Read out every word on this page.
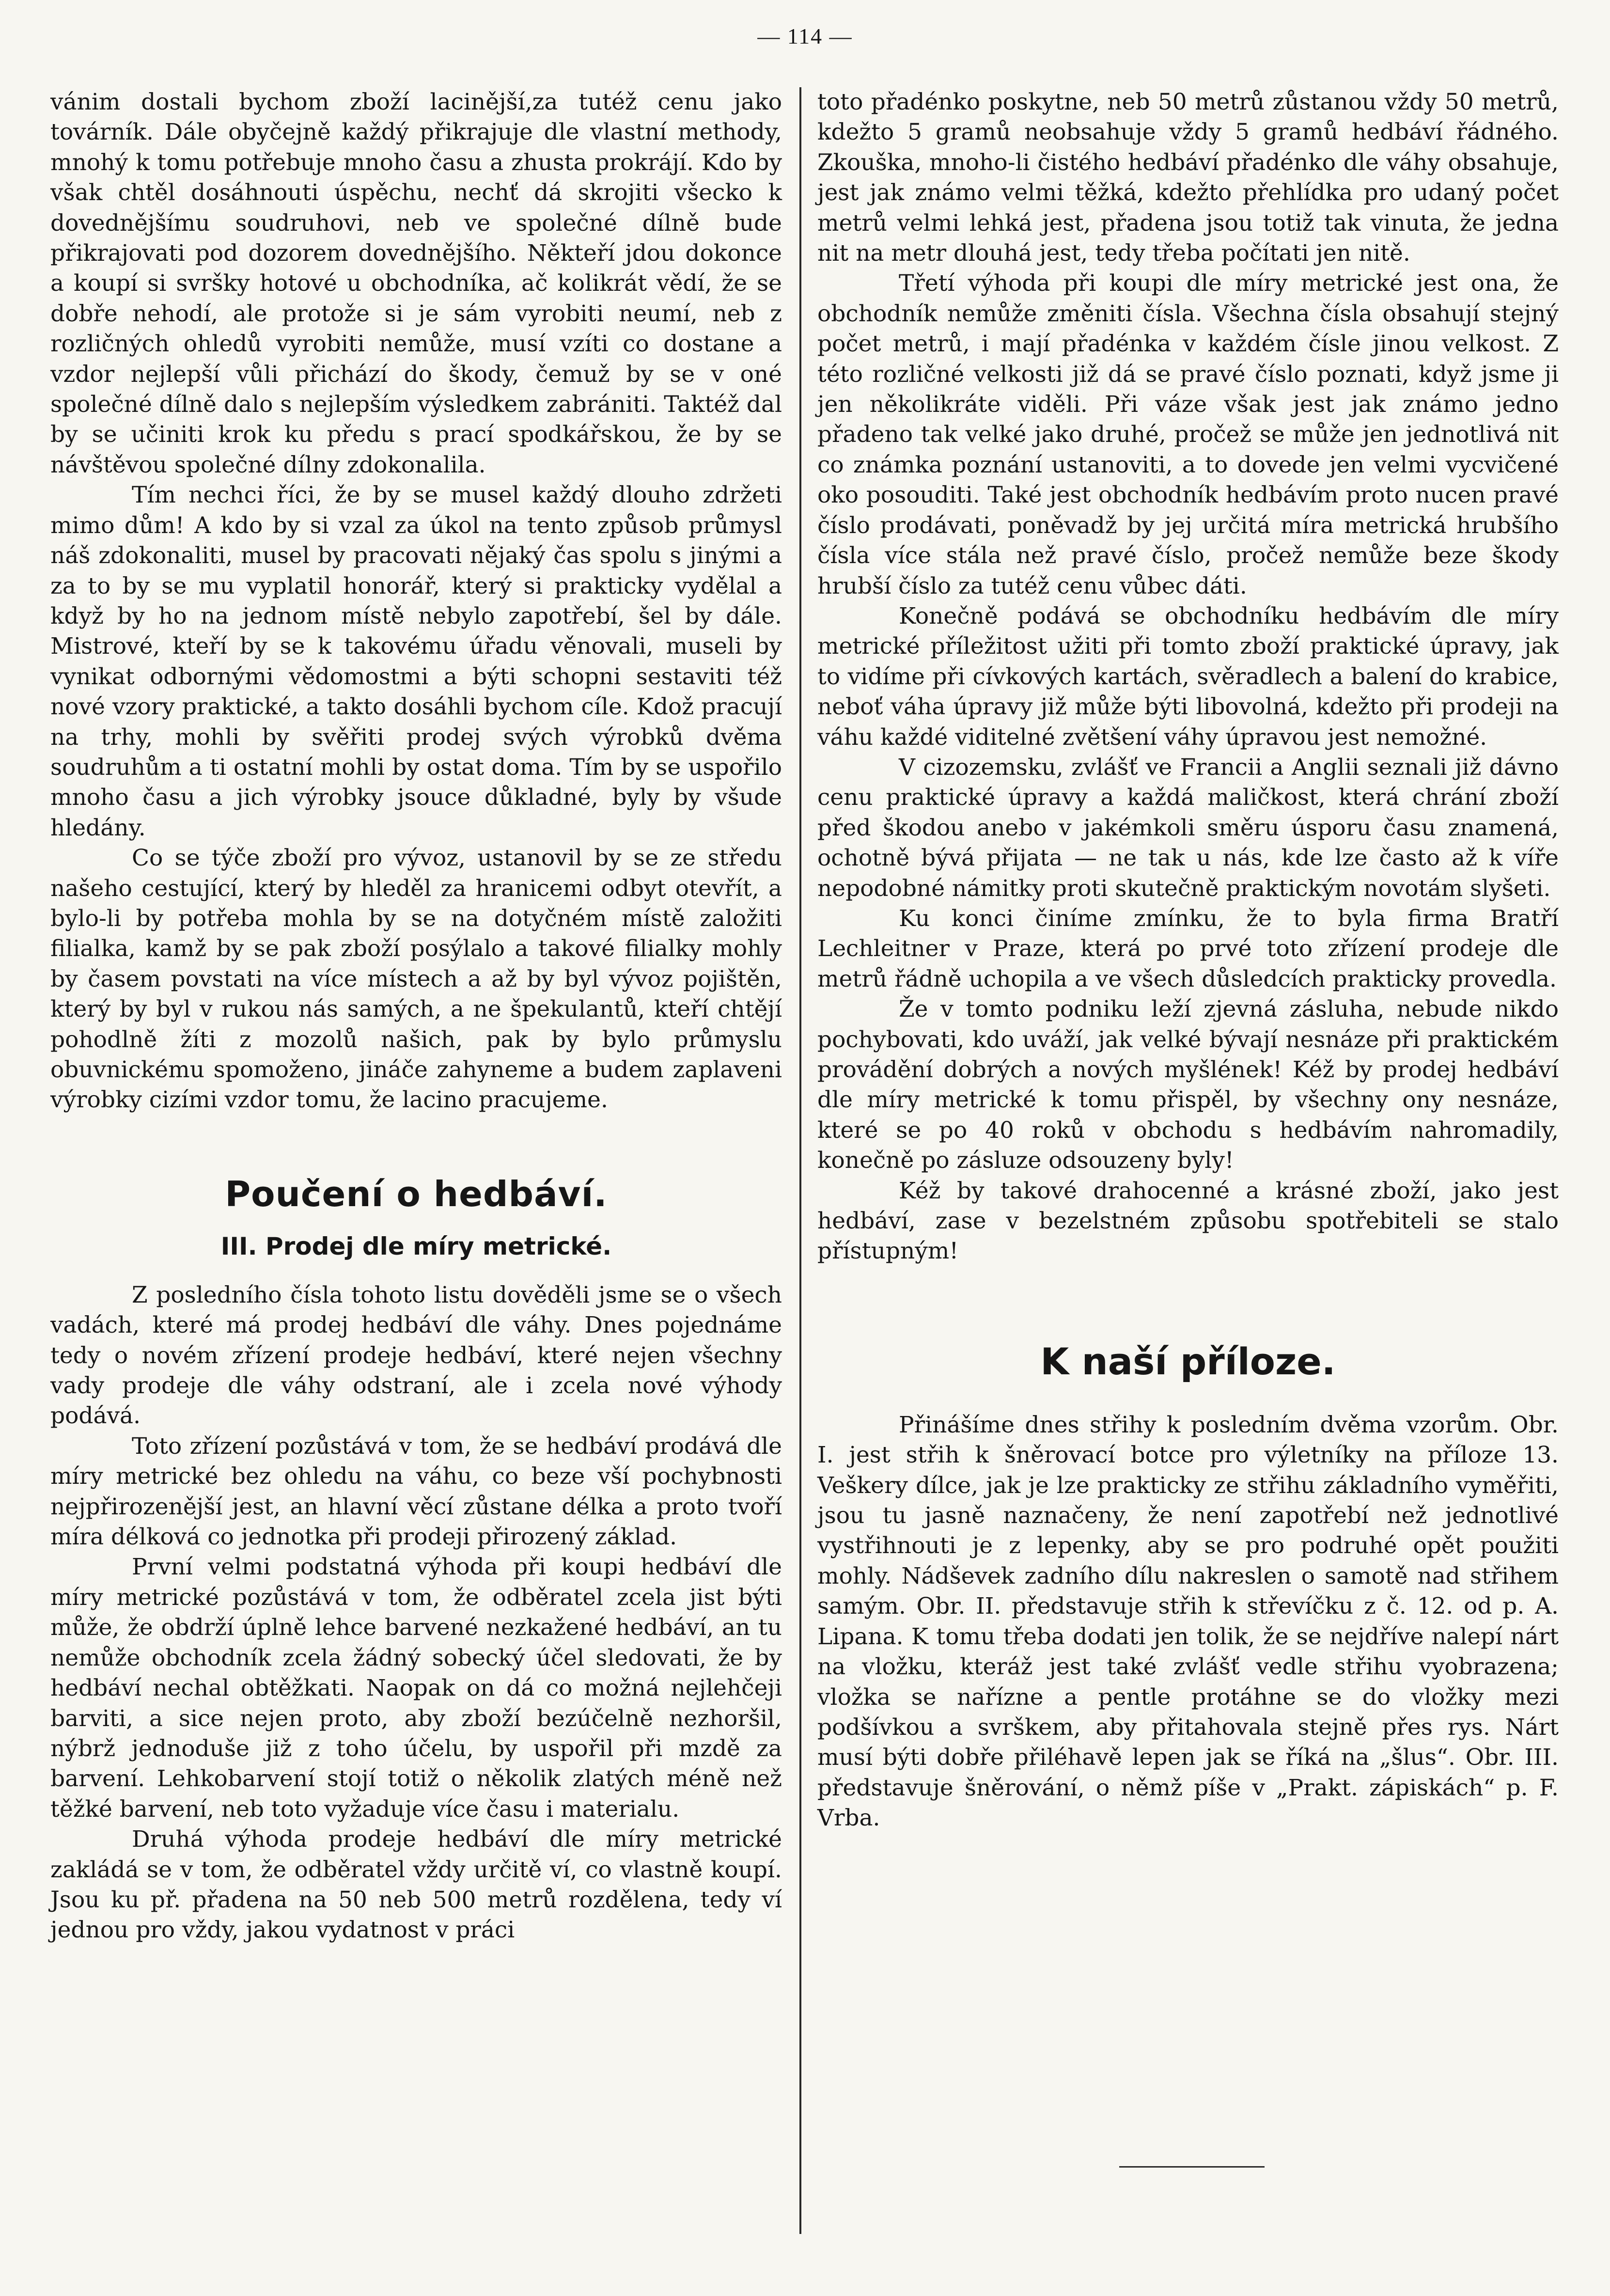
— 114 —

vánim dostali bychom zboží lacinější,za tutéž cenu jako továrník. Dále obyčejně každý přikrajuje dle vlastní methody, mnohý k tomu potřebuje mnoho času a zhusta prokrájí. Kdo by však chtěl dosáhnouti úspěchu, nechť dá skrojiti všecko k dovednějšímu soudruhovi, neb ve společné dílně bude přikrajovati pod dozorem dovednějšího. Někteří jdou dokonce a koupí si svršky hotové u obchodníka, ač kolikrát vědí, že se dobře nehodí, ale protože si je sám vyrobiti neumí, neb z rozličných ohledů vyrobiti nemůže, musí vzíti co dostane a vzdor nejlepší vůli přichází do škody, čemuž by se v oné společné dílně dalo s nejlepším výsledkem zabrániti. Taktéž dal by se učiniti krok ku předu s prací spodkářskou, že by se návštěvou společné dílny zdokonalila.

Tím nechci říci, že by se musel každý dlouho zdržeti mimo dům! A kdo by si vzal za úkol na tento způsob průmysl náš zdokonaliti, musel by pracovati nějaký čas spolu s jinými a za to by se mu vyplatil honorář, který si prakticky vydělal a když by ho na jednom místě nebylo zapotřebí, šel by dále. Mistrové, kteří by se k takovému úřadu věnovali, museli by vynikat odbornými vědomostmi a býti schopni sestaviti též nové vzory praktické, a takto dosáhli bychom cíle. Kdož pracují na trhy, mohli by svěřiti prodej svých výrobků dvěma soudruhům a ti ostatní mohli by ostat doma. Tím by se uspořilo mnoho času a jich výrobky jsouce důkladné, byly by všude hledány.

Co se týče zboží pro vývoz, ustanovil by se ze středu našeho cestující, který by hleděl za hranicemi odbyt otevřít, a bylo-li by potřeba mohla by se na dotyčném místě založiti filialka, kamž by se pak zboží posýlalo a takové filialky mohly by časem povstati na více místech a až by byl vývoz pojištěn, který by byl v rukou nás samých, a ne špekulantů, kteří chtějí pohodlně žíti z mozolů našich, pak by bylo průmyslu obuvnickému spomoženo, jináče zahyneme a budem zaplaveni výrobky cizími vzdor tomu, že lacino pracujeme.

Poučení o hedbáví.
III. Prodej dle míry metrické.

Z posledního čísla tohoto listu dověděli jsme se o všech vadách, které má prodej hedbáví dle váhy. Dnes pojednáme tedy o novém zřízení prodeje hedbáví, které nejen všechny vady prodeje dle váhy odstraní, ale i zcela nové výhody podává.

Toto zřízení pozůstává v tom, že se hedbáví prodává dle míry metrické bez ohledu na váhu, co beze vší pochybnosti nejpřirozenější jest, an hlavní věcí zůstane délka a proto tvoří míra délková co jednotka při prodeji přirozený základ.

První velmi podstatná výhoda při koupi hedbáví dle míry metrické pozůstává v tom, že odběratel zcela jist býti může, že obdrží úplně lehce barvené nezkažené hedbáví, an tu nemůže obchodník zcela žádný sobecký účel sledovati, že by hedbáví nechal obtěžkati. Naopak on dá co možná nejlehčeji barviti, a sice nejen proto, aby zboží bezúčelně nezhoršil, nýbrž jednoduše již z toho účelu, by uspořil při mzdě za barvení. Lehkobarvení stojí totiž o několik zlatých méně než těžké barvení, neb toto vyžaduje více času i materialu.

Druhá výhoda prodeje hedbáví dle míry metrické zakládá se v tom, že odběratel vždy určitě ví, co vlastně koupí. Jsou ku př. přadena na 50 neb 500 metrů rozdělena, tedy ví jednou pro vždy, jakou vydatnost v práci

toto přadénko poskytne, neb 50 metrů zůstanou vždy 50 metrů, kdežto 5 gramů neobsahuje vždy 5 gramů hedbáví řádného. Zkouška, mnoho-li čistého hedbáví přadénko dle váhy obsahuje, jest jak známo velmi těžká, kdežto přehlídka pro udaný počet metrů velmi lehká jest, přadena jsou totiž tak vinuta, že jedna nit na metr dlouhá jest, tedy třeba počítati jen nitě.

Třetí výhoda při koupi dle míry metrické jest ona, že obchodník nemůže změniti čísla. Všechna čísla obsahují stejný počet metrů, i mají přadénka v každém čísle jinou velkost. Z této rozličné velkosti již dá se pravé číslo poznati, když jsme ji jen několikráte viděli. Při váze však jest jak známo jedno přadeno tak velké jako druhé, pročež se může jen jednotlivá nit co známka poznání ustanoviti, a to dovede jen velmi vycvičené oko posouditi. Také jest obchodník hedbávím proto nucen pravé číslo prodávati, poněvadž by jej určitá míra metrická hrubšího čísla více stála než pravé číslo, pročež nemůže beze škody hrubší číslo za tutéž cenu vůbec dáti.

Konečně podává se obchodníku hedbávím dle míry metrické příležitost užiti při tomto zboží praktické úpravy, jak to vidíme při cívkových kartách, svěradlech a balení do krabice, neboť váha úpravy již může býti libovolná, kdežto při prodeji na váhu každé viditelné zvětšení váhy úpravou jest nemožné.

V cizozemsku, zvlášť ve Francii a Anglii seznali již dávno cenu praktické úpravy a každá maličkost, která chrání zboží před škodou anebo v jakémkoli směru úsporu času znamená, ochotně bývá přijata — ne tak u nás, kde lze často až k víře nepodobné námitky proti skutečně praktickým novotám slyšeti.

Ku konci činíme zmínku, že to byla firma Bratří Lechleitner v Praze, která po prvé toto zřízení prodeje dle metrů řádně uchopila a ve všech důsledcích prakticky provedla.

Že v tomto podniku leží zjevná zásluha, nebude nikdo pochybovati, kdo uváží, jak velké bývají nesnáze při praktickém provádění dobrých a nových myšlének! Kéž by prodej hedbáví dle míry metrické k tomu přispěl, by všechny ony nesnáze, které se po 40 roků v obchodu s hedbávím nahromadily, konečně po zásluze odsouzeny byly!

Kéž by takové drahocenné a krásné zboží, jako jest hedbáví, zase v bezelstném způsobu spotřebiteli se stalo přístupným!

K naší příloze.

Přinášíme dnes střihy k posledním dvěma vzorům. Obr. I. jest střih k šněrovací botce pro výletníky na příloze 13. Veškery dílce, jak je lze prakticky ze střihu základního vyměřiti, jsou tu jasně naznačeny, že není zapotřebí než jednotlivé vystřihnouti je z lepenky, aby se pro podruhé opět použiti mohly. Nádševek zadního dílu nakreslen o samotě nad střihem samým. Obr. II. představuje střih k střevíčku z č. 12. od p. A. Lipana. K tomu třeba dodati jen tolik, že se nejdříve nalepí nárt na vložku, kteráž jest také zvlášť vedle střihu vyobrazena; vložka se nařízne a pentle protáhne se do vložky mezi podšívkou a svrškem, aby přitahovala stejně přes rys. Nárt musí býti dobře přiléhavě lepen jak se říká na „šlus“. Obr. III. představuje šněrování, o němž píše v „Prakt. zápiskách“ p. F. Vrba.
